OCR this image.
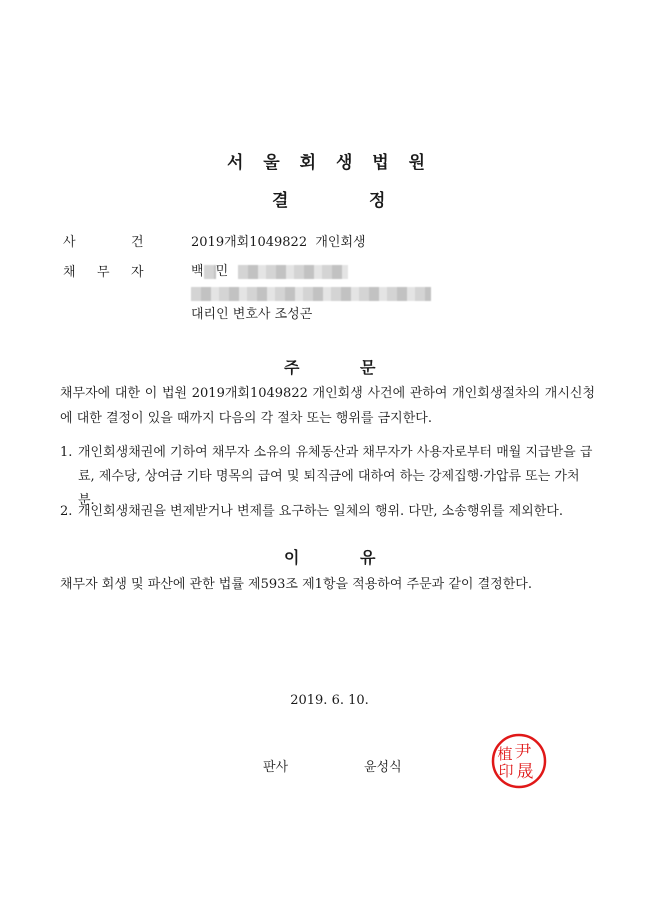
서 울 회 생 법 원
결	정
사	건	2019개회1049822  개인회생
채 무 자	백 민
대리인 변호사 조성곤
주	문
채무자에 대한 이 법원 2019개회1049822 개인회생 사건에 관하여 개인회생절차의 개시신청에 대한 결정이 있을 때까지 다음의 각 절차 또는 행위를 금지한다.
1. 개인회생채권에 기하여 채무자 소유의 유체동산과 채무자가 사용자로부터 매월 지급받을 급료, 제수당, 상여금 기타 명목의 급여 및 퇴직금에 대하여 하는 강제집행·가압류 또는 가처분.
2. 개인회생채권을 변제받거나 변제를 요구하는 일체의 행위. 다만, 소송행위를 제외한다.
이	유
채무자 회생 및 파산에 관한 법률 제593조 제1항을 적용하여 주문과 같이 결정한다.
2019. 6. 10.
판사	윤성식
尹
植
印 晟
